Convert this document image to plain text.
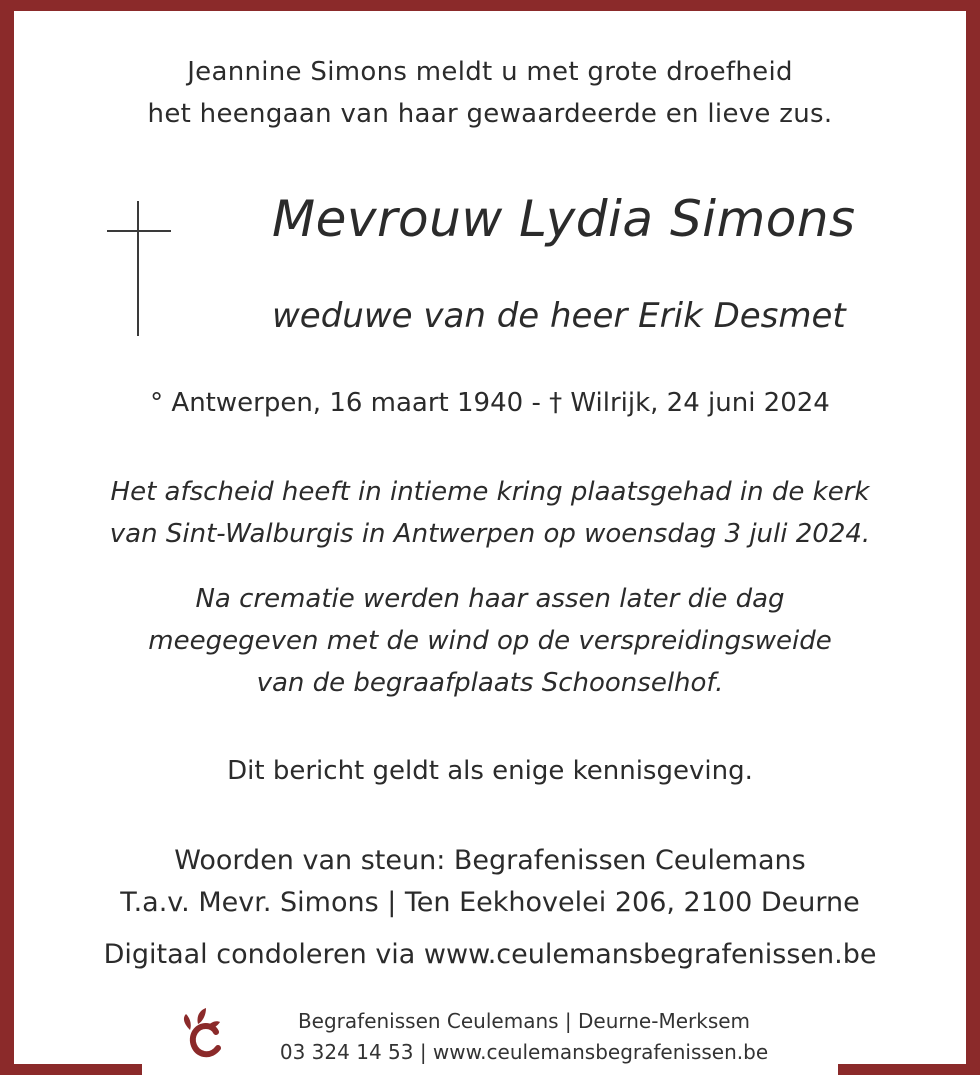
Jeannine Simons meldt u met grote droefheid
het heengaan van haar gewaardeerde en lieve zus.
Mevrouw Lydia Simons
weduwe van de heer Erik Desmet
° Antwerpen, 16 maart 1940 - † Wilrijk, 24 juni 2024
Het afscheid heeft in intieme kring plaatsgehad in de kerk
van Sint-Walburgis in Antwerpen op woensdag 3 juli 2024.
Na crematie werden haar assen later die dag
meegegeven met de wind op de verspreidingsweide
van de begraafplaats Schoonselhof.
Dit bericht geldt als enige kennisgeving.
Woorden van steun: Begrafenissen Ceulemans
T.a.v. Mevr. Simons | Ten Eekhovelei 206, 2100 Deurne
Digitaal condoleren via www.ceulemansbegrafenissen.be
Begrafenissen Ceulemans | Deurne-Merksem
03 324 14 53 | www.ceulemansbegrafenissen.be
